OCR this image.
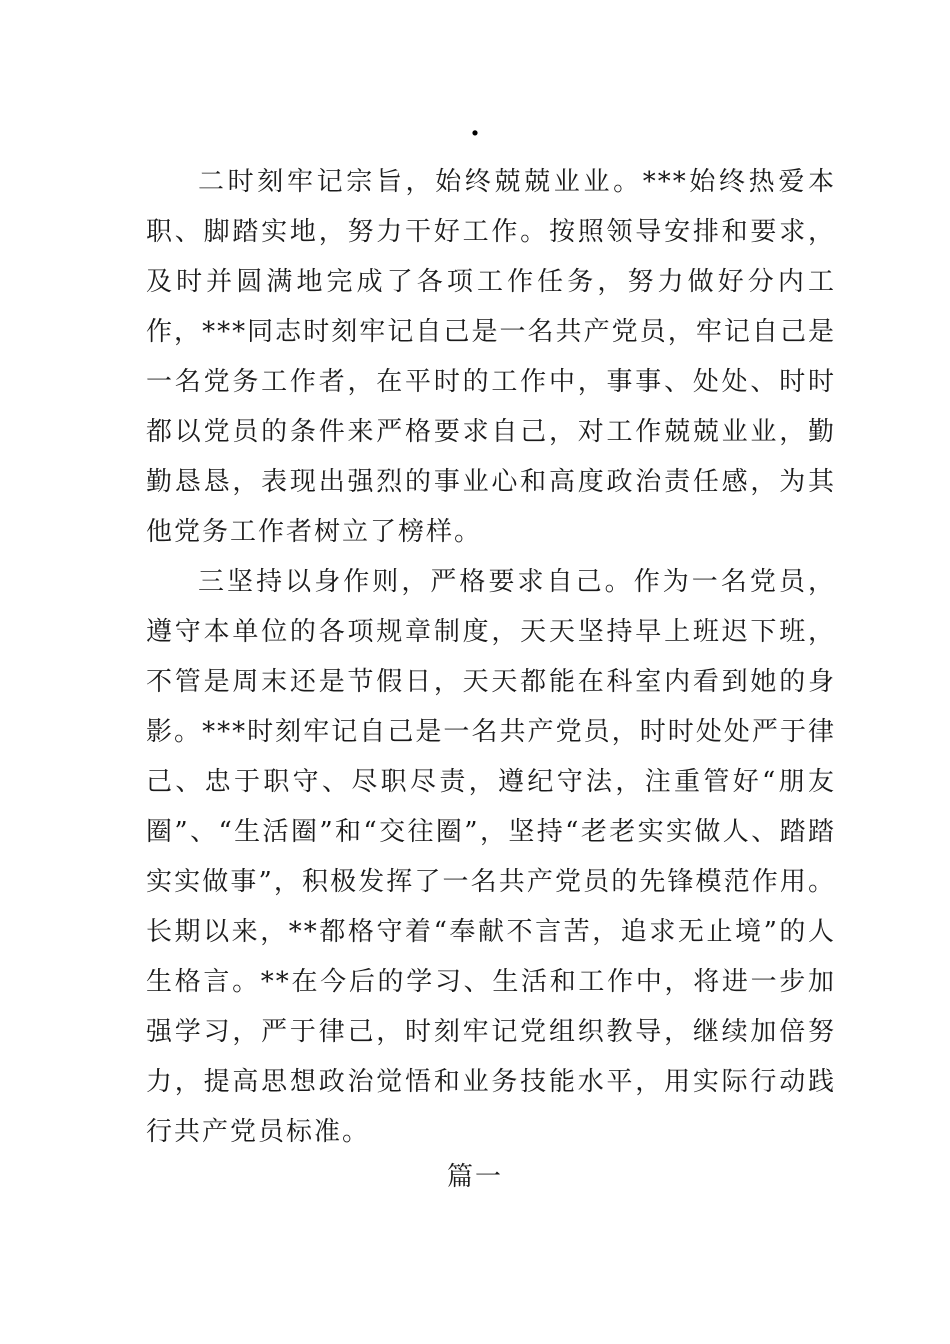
.

二时刻牢记宗旨，始终兢兢业业。***始终热爱本职、脚踏实地，努力干好工作。按照领导安排和要求，及时并圆满地完成了各项工作任务，努力做好分内工作，***同志时刻牢记自己是一名共产党员，牢记自己是一名党务工作者，在平时的工作中，事事、处处、时时都以党员的条件来严格要求自己，对工作兢兢业业，勤勤恳恳，表现出强烈的事业心和高度政治责任感，为其他党务工作者树立了榜样。

三坚持以身作则，严格要求自己。作为一名党员，遵守本单位的各项规章制度，天天坚持早上班迟下班，不管是周末还是节假日，天天都能在科室内看到她的身影。***时刻牢记自己是一名共产党员，时时处处严于律己、忠于职守、尽职尽责，遵纪守法，注重管好“朋友圈”、“生活圈”和“交往圈”，坚持“老老实实做人、踏踏实实做事”，积极发挥了一名共产党员的先锋模范作用。长期以来，**都格守着“奉献不言苦，追求无止境”的人生格言。**在今后的学习、生活和工作中，将进一步加强学习，严于律己，时刻牢记党组织教导，继续加倍努力，提高思想政治觉悟和业务技能水平，用实际行动践行共产党员标准。

篇一
